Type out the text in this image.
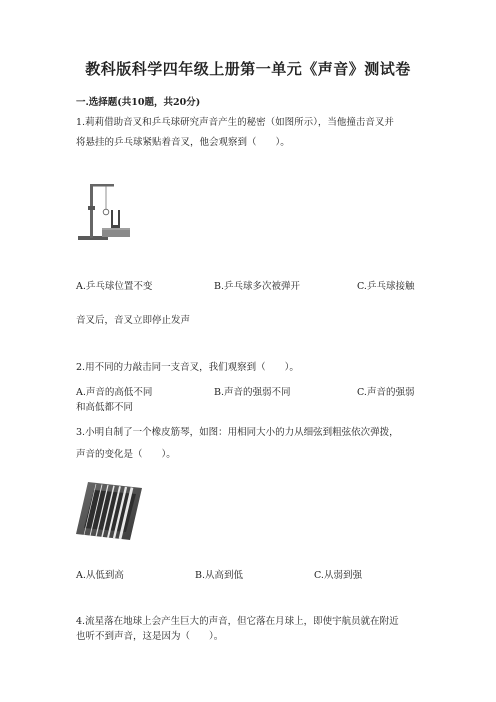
教科版科学四年级上册第一单元《声音》测试卷
一.选择题(共10题，共20分)
1.莉莉借助音叉和乒乓球研究声音产生的秘密（如图所示），当他撞击音叉并
将悬挂的乒乓球紧贴着音叉，他会观察到（　　）。
A.乒乓球位置不变	B.乒乓球多次被弹开	C.乒乓球接触
音叉后，音叉立即停止发声
2.用不同的力敲击同一支音叉，我们观察到（　　）。
A.声音的高低不同	B.声音的强弱不同	C.声音的强弱
和高低都不同
3.小明自制了一个橡皮筋琴，如图：用相同大小的力从细弦到粗弦依次弹拨，
声音的变化是（　　）。
A.从低到高	B.从高到低	C.从弱到强
4.流星落在地球上会产生巨大的声音，但它落在月球上，即使宇航员就在附近
也听不到声音，这是因为（　　）。
